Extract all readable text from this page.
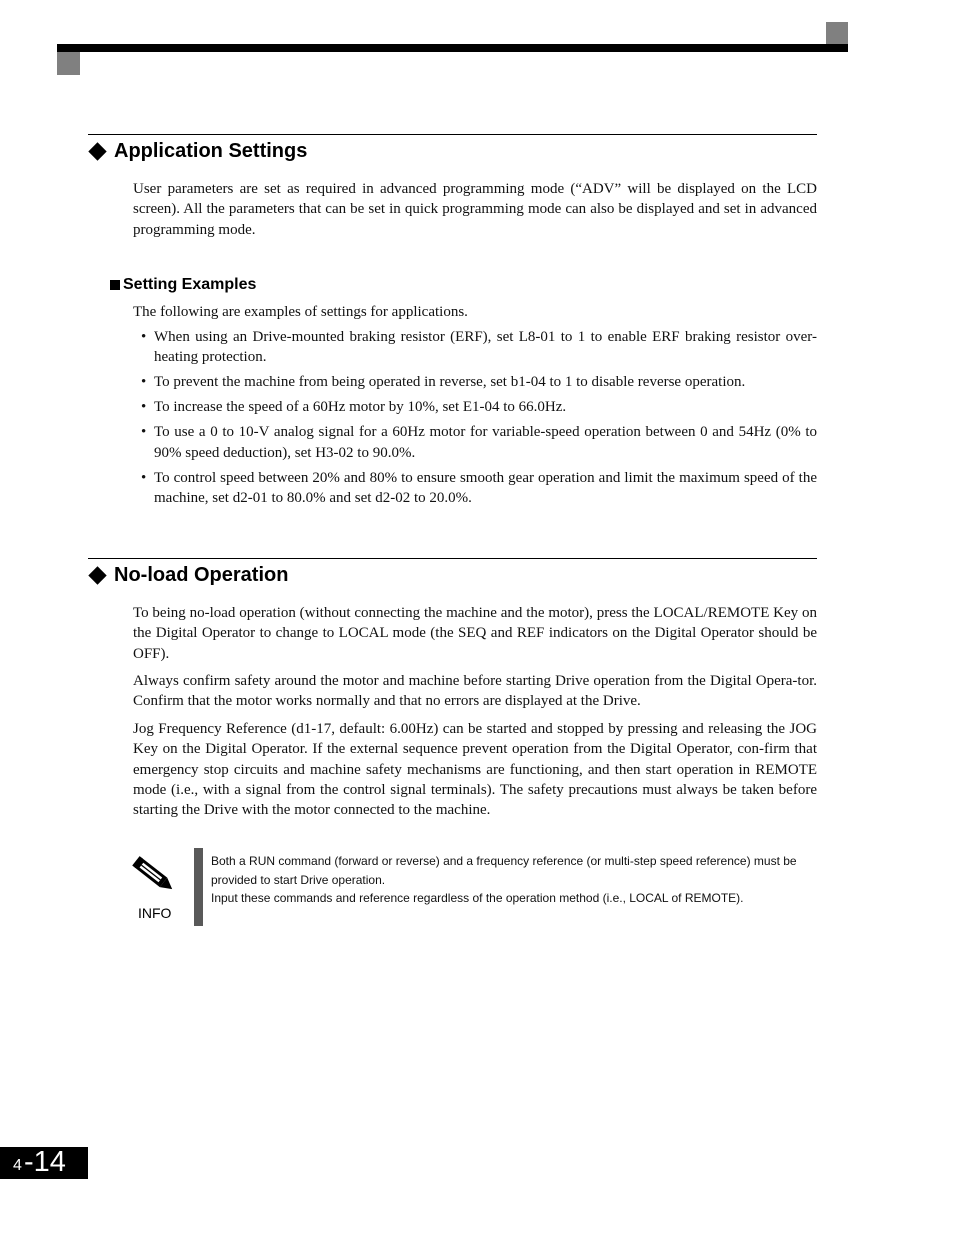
Application Settings

User parameters are set as required in advanced programming mode (“ADV” will be displayed on the LCD screen). All the parameters that can be set in quick programming mode can also be displayed and set in advanced programming mode.

Setting Examples

The following are examples of settings for applications.

• When using an Drive-mounted braking resistor (ERF), set L8-01 to 1 to enable ERF braking resistor over-heating protection.
• To prevent the machine from being operated in reverse, set b1-04 to 1 to disable reverse operation.
• To increase the speed of a 60Hz motor by 10%, set E1-04 to 66.0Hz.
• To use a 0 to 10-V analog signal for a 60Hz motor for variable-speed operation between 0 and 54Hz (0% to 90% speed deduction), set H3-02 to 90.0%.
• To control speed between 20% and 80% to ensure smooth gear operation and limit the maximum speed of the machine, set d2-01 to 80.0% and set d2-02 to 20.0%.
No-load Operation

To being no-load operation (without connecting the machine and the motor), press the LOCAL/REMOTE Key on the Digital Operator to change to LOCAL mode (the SEQ and REF indicators on the Digital Operator should be OFF).

Always confirm safety around the motor and machine before starting Drive operation from the Digital Opera-tor. Confirm that the motor works normally and that no errors are displayed at the Drive.

Jog Frequency Reference (d1-17, default: 6.00Hz) can be started and stopped by pressing and releasing the JOG Key on the Digital Operator. If the external sequence prevent operation from the Digital Operator, con-firm that emergency stop circuits and machine safety mechanisms are functioning, and then start operation in REMOTE mode (i.e., with a signal from the control signal terminals). The safety precautions must always be taken before starting the Drive with the motor connected to the machine.

INFO

Both a RUN command (forward or reverse) and a frequency reference (or multi-step speed reference) must be provided to start Drive operation.

Input these commands and reference regardless of the operation method (i.e., LOCAL of REMOTE).

4 -14
